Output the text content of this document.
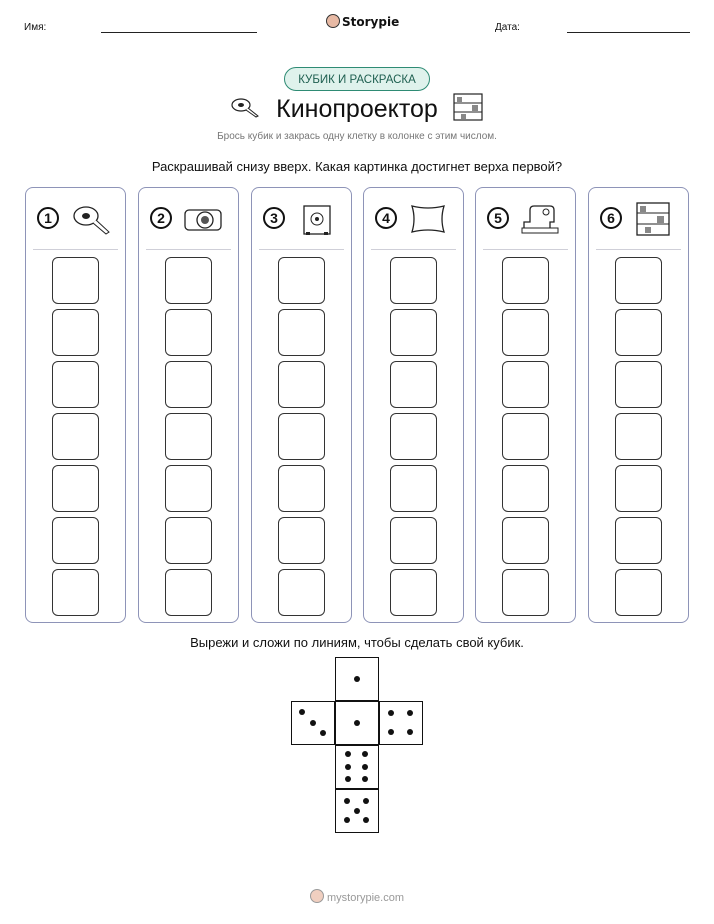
Имя:	Storypie	Дата:
КУБИК И РАСКРАСКА
Кинопроектор
Брось кубик и закрась одну клетку в колонке с этим числом.
Раскрашивай снизу вверх. Какая картинка достигнет верха первой?
1	2	3	4	5	6
Вырежи и сложи по линиям, чтобы сделать свой кубик.
mystorypie.com
